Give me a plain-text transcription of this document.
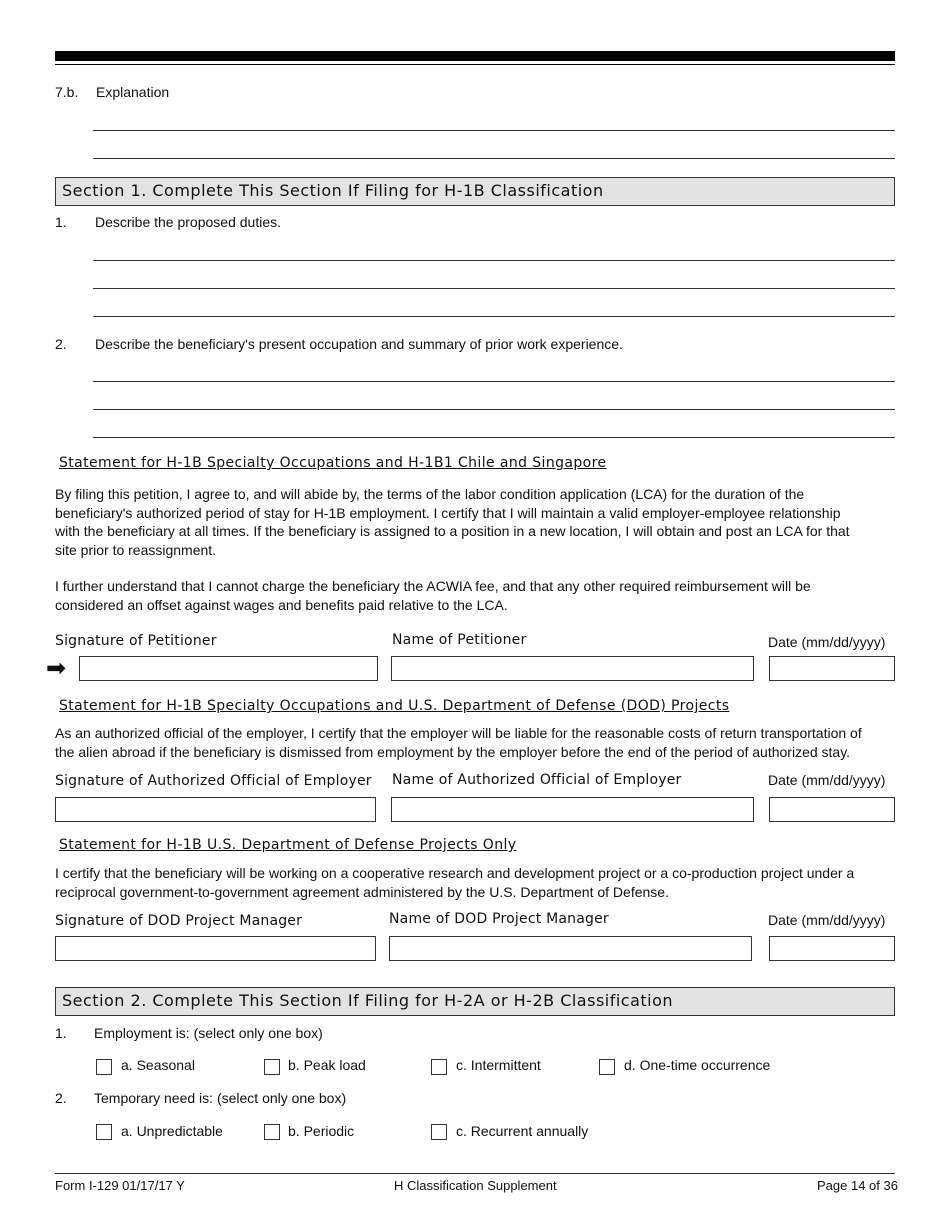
7.b. Explanation
Section 1. Complete This Section If Filing for H-1B Classification
1. Describe the proposed duties.
2. Describe the beneficiary's present occupation and summary of prior work experience.
Statement for H-1B Specialty Occupations and H-1B1 Chile and Singapore
By filing this petition, I agree to, and will abide by, the terms of the labor condition application (LCA) for the duration of the
beneficiary's authorized period of stay for H-1B employment. I certify that I will maintain a valid employer-employee relationship
with the beneficiary at all times. If the beneficiary is assigned to a position in a new location, I will obtain and post an LCA for that
site prior to reassignment.
I further understand that I cannot charge the beneficiary the ACWIA fee, and that any other required reimbursement will be
considered an offset against wages and benefits paid relative to the LCA.
Signature of Petitioner	Name of Petitioner	Date (mm/dd/yyyy)
➡
Statement for H-1B Specialty Occupations and U.S. Department of Defense (DOD) Projects
As an authorized official of the employer, I certify that the employer will be liable for the reasonable costs of return transportation of
the alien abroad if the beneficiary is dismissed from employment by the employer before the end of the period of authorized stay.
Signature of Authorized Official of Employer Name of Authorized Official of Employer	Date (mm/dd/yyyy)
Statement for H-1B U.S. Department of Defense Projects Only
I certify that the beneficiary will be working on a cooperative research and development project or a co-production project under a
reciprocal government-to-government agreement administered by the U.S. Department of Defense.
Signature of DOD Project Manager	Name of DOD Project Manager	Date (mm/dd/yyyy)
Section 2. Complete This Section If Filing for H-2A or H-2B Classification
1. Employment is: (select only one box)
a. Seasonal	b. Peak load	c. Intermittent	d. One-time occurrence
2. Temporary need is: (select only one box)
a. Unpredictable	b. Periodic	c. Recurrent annually
Form I-129 01/17/17 Y	H Classification Supplement	Page 14 of 36
